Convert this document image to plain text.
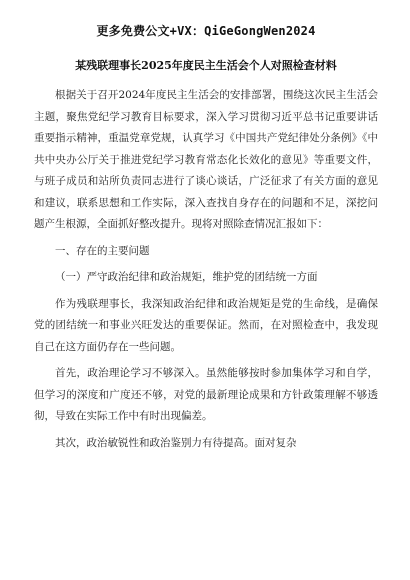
更多免费公文+VX：QiGeGongWen2024
某残联理事长2025年度民主生活会个人对照检查材料

根据关于召开2024年度民主生活会的安排部署，围绕这次民主生活会主题，聚焦党纪学习教育目标要求，深入学习贯彻习近平总书记重要讲话重要指示精神，重温党章党规，认真学习《中国共产党纪律处分条例》《中共中央办公厅关于推进党纪学习教育常态化长效化的意见》等重要文件，与班子成员和站所负责同志进行了谈心谈话，广泛征求了有关方面的意见和建议，联系思想和工作实际，深入查找自身存在的问题和不足，深挖问题产生根源，全面抓好整改提升。现将对照除查情况汇报如下：

一、存在的主要问题

（一）严守政治纪律和政治规矩，维护党的团结统一方面

作为残联理事长，我深知政治纪律和政治规矩是党的生命线，是确保党的团结统一和事业兴旺发达的重要保证。然而，在对照检查中，我发现自己在这方面仍存在一些问题。

首先，政治理论学习不够深入。虽然能够按时参加集体学习和自学，但学习的深度和广度还不够，对党的最新理论成果和方针政策理解不够透彻，导致在实际工作中有时出现偏差。

其次，政治敏锐性和政治鉴别力有待提高。面对复杂
